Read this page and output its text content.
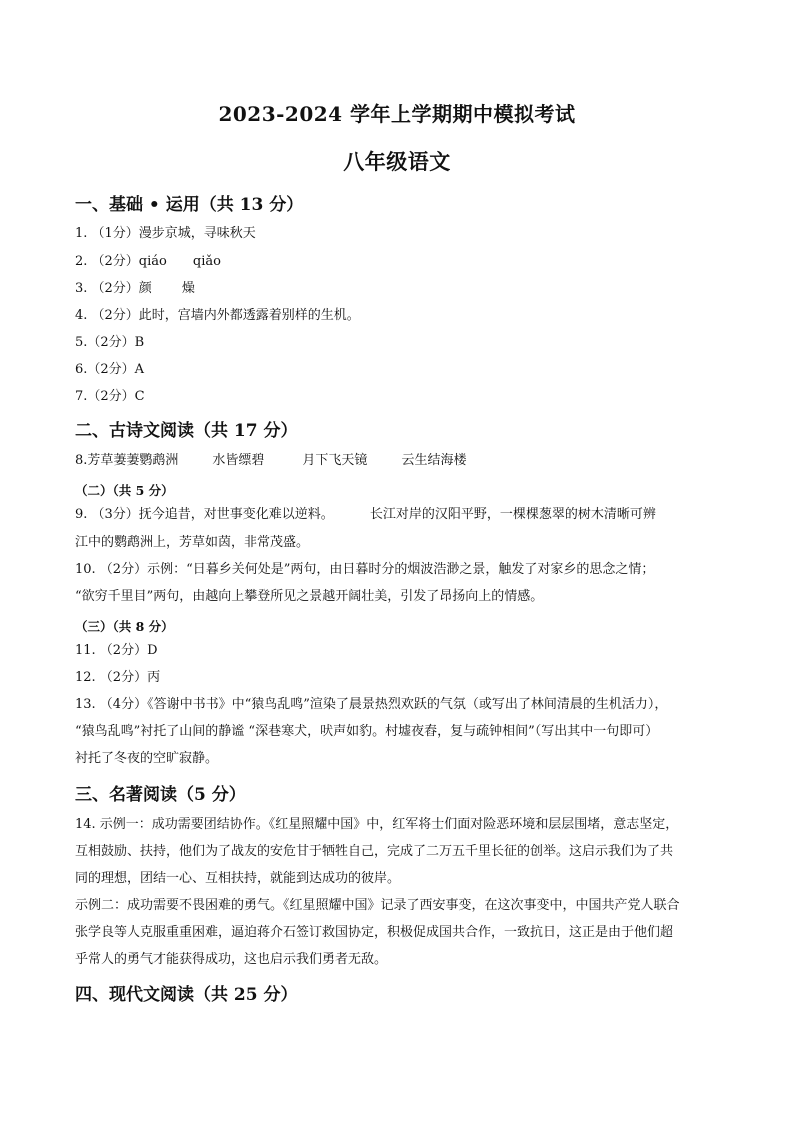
2023-2024 学年上学期期中模拟考试
八年级语文
一、基础 • 运用（共 13 分）
1. （1分）漫步京城，寻味秋天
2. （2分）qiáo qiǎo
3. （2分）颜 燥
4. （2分）此时，宫墙内外都透露着别样的生机。
5.（2分）B
6.（2分）A
7.（2分）C
二、古诗文阅读（共 17 分）
8.芳草萋萋鹦鹉洲	水皆缥碧	月下飞天镜	云生结海楼
（二）（共 5 分）
9. （3分）抚今追昔，对世事变化难以逆料。	长江对岸的汉阳平野，一棵棵葱翠的树木清晰可辨
江中的鹦鹉洲上，芳草如茵，非常茂盛。
10. （2分）示例：“日暮乡关何处是”两句，由日暮时分的烟波浩渺之景，触发了对家乡的思念之情；
“欲穷千里目”两句，由越向上攀登所见之景越开阔壮美，引发了昂扬向上的情感。
（三）（共 8 分）
11. （2分）D
12. （2分）丙
13. （4分）《答谢中书书》中“猿鸟乱鸣”渲染了晨景热烈欢跃的气氛（或写出了林间清晨的生机活力），
“猿鸟乱鸣”衬托了山间的静谧 “深巷寒犬，吠声如豹。村墟夜舂，复与疏钟相间”（写出其中一句即可）
衬托了冬夜的空旷寂静。
三、名著阅读（5 分）
14. 示例一：成功需要团结协作。《红星照耀中国》中，红军将士们面对险恶环境和层层围堵，意志坚定，
互相鼓励、扶持，他们为了战友的安危甘于牺牲自己，完成了二万五千里长征的创举。这启示我们为了共
同的理想，团结一心、互相扶持，就能到达成功的彼岸。
示例二：成功需要不畏困难的勇气。《红星照耀中国》记录了西安事变，在这次事变中，中国共产党人联合
张学良等人克服重重困难，逼迫蒋介石签订救国协定，积极促成国共合作，一致抗日，这正是由于他们超
乎常人的勇气才能获得成功，这也启示我们勇者无敌。
四、现代文阅读（共 25 分）
